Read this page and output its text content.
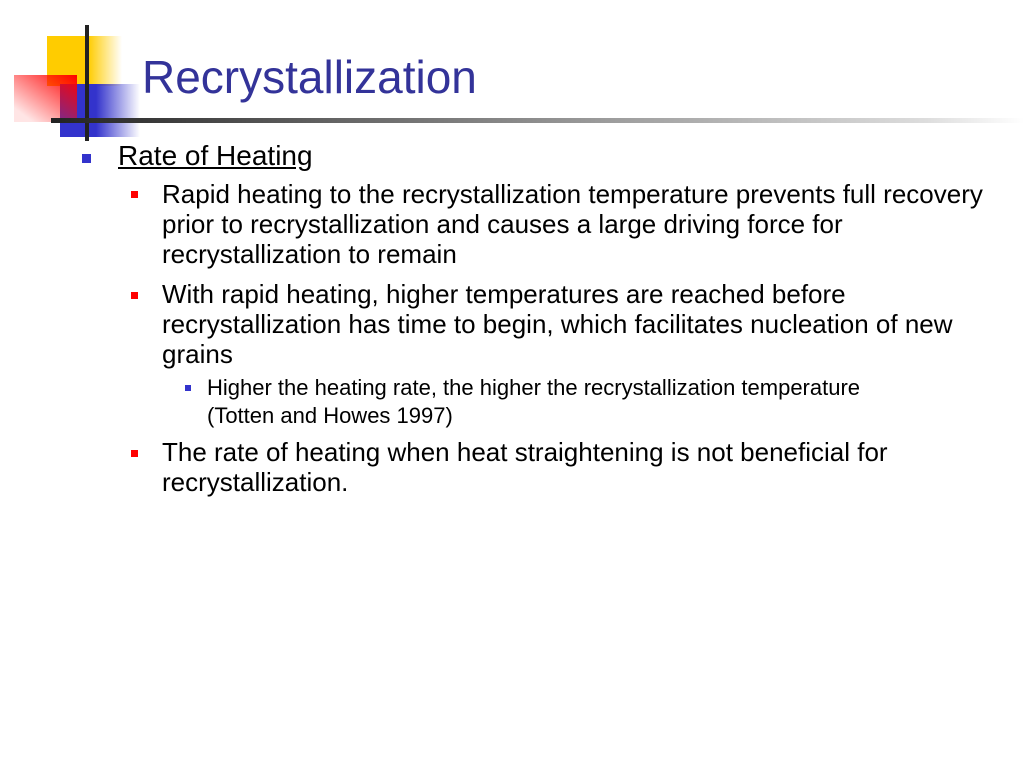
Recrystallization
Rate of Heating
Rapid heating to the recrystallization temperature prevents full recovery prior to recrystallization and causes a large driving force for recrystallization to remain
With rapid heating, higher temperatures are reached before recrystallization has time to begin, which facilitates nucleation of new grains
Higher the heating rate, the higher the recrystallization temperature (Totten and Howes 1997)
The rate of heating when heat straightening is not beneficial for recrystallization.
